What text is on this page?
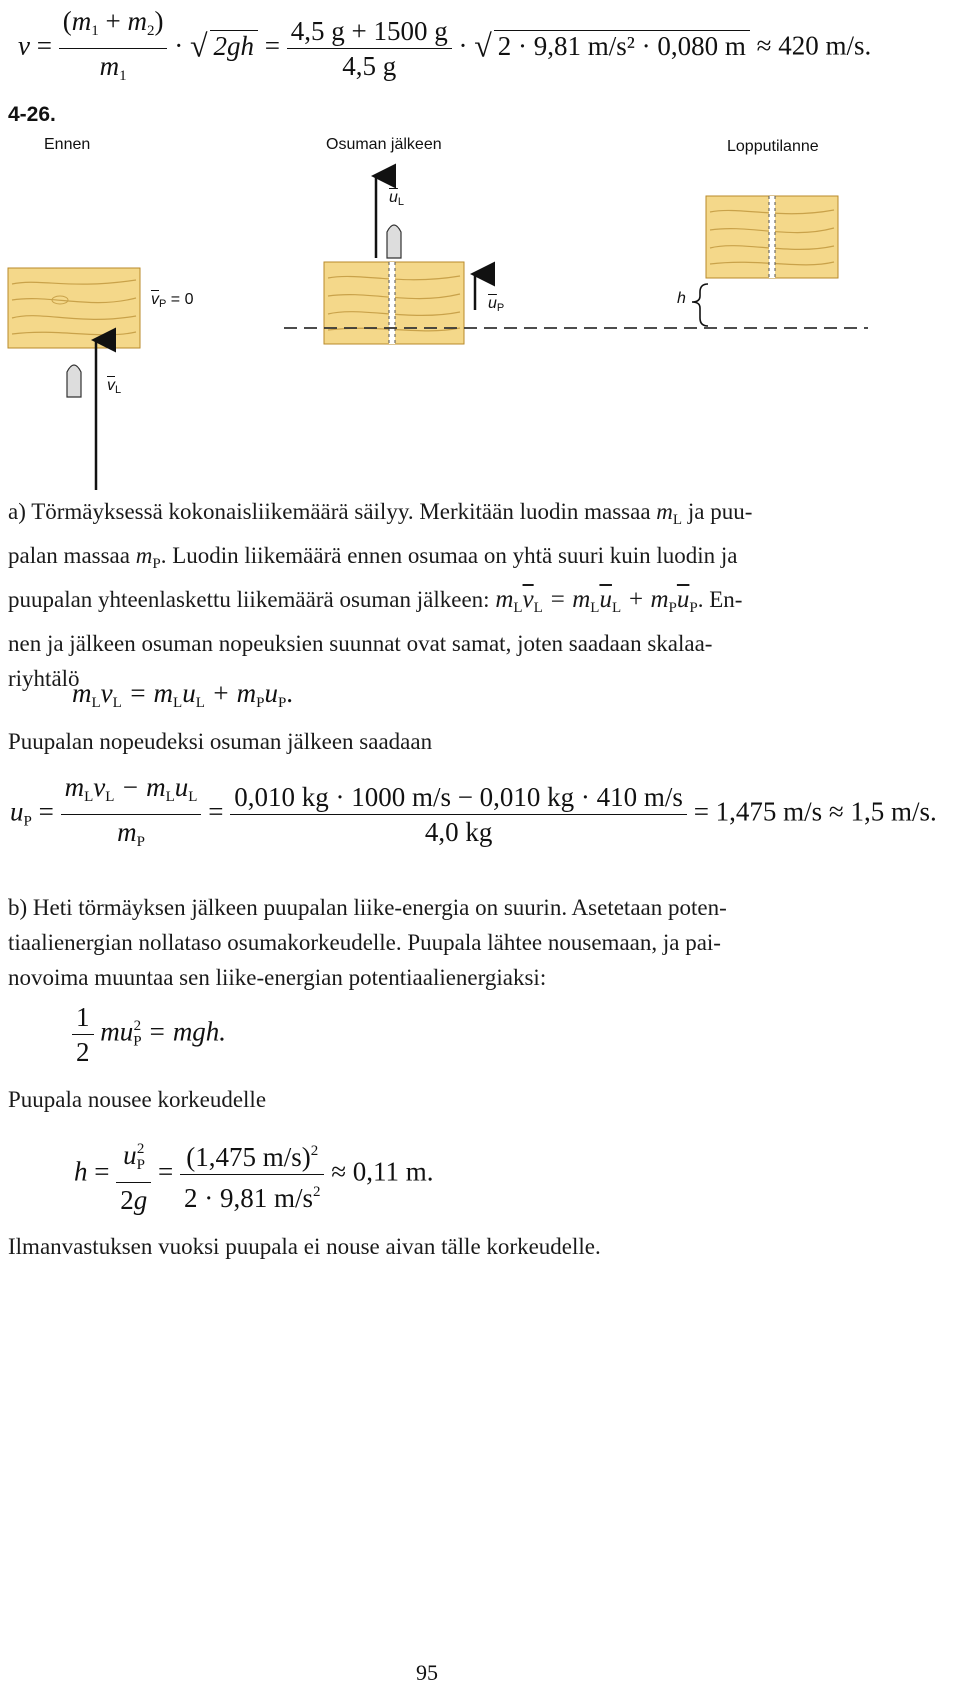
$v = \frac{(m_1 + m_2)}{m_1}$ · √ $2gh = \frac{4,5 g + 1500 g}{4,5 g}$ · √ 2 · 9,81 m/s² · 0,080 m ≈ 420 m/s.
4-26.
Ennen	Osuman jälkeen	Lopputilanne
$\overline{u}_L$
$\overline{v}P = 0$	$\overline{u}P$
h
$\overline{v}L$
a) Törmäyksessä kokonaisliikemäärä säilyy. Merkitään luodin massaa $m_L$ ja puu-
palan massaa $m_P$. Luodin liikemäärä ennen osumaa on yhtä suuri kuin luodin ja
puupalan yhteenlaskettu liikemäärä osuman jälkeen: $m_L\overline{v}_L = m_L\overline{u}_L + m_P\overline{u}_P$. En-
nen ja jälkeen osuman nopeuksien suunnat ovat samat, joten saadaan skalaa-
riyhtälö
$m_Lv_L = m_Lu_L + m_Pu_P$.
Puupalan nopeudeksi osuman jälkeen saadaan
$u_P = \frac{m_Lv_L - m_Lu_L}{m_P} = \frac{0,010 kg \cdot 1000 m/s - 0,010 kg \cdot 410 m/s}{4,0 kg} = 1,475$ m/s ≈ 1,5 m/s.
b) Heti törmäyksen jälkeen puupalan liike-energia on suurin. Asetetaan poten-
tiaalienergian nollataso osumakorkeudelle. Puupala lähtee nousemaan, ja pai-
novoima muuntaa sen liike-energian potentiaalienergiaksi:
$\frac{1}{2} mu_P^2$ = mgh.
Puupala nousee korkeudelle
$h = \frac{u_P^2}{2g} = \frac{(1,475 m/s)^2}{2 \cdot 9,81 m/s^2} \approx 0,11$ m.
Ilmanvastuksen vuoksi puupala ei nouse aivan tälle korkeudelle.
95
